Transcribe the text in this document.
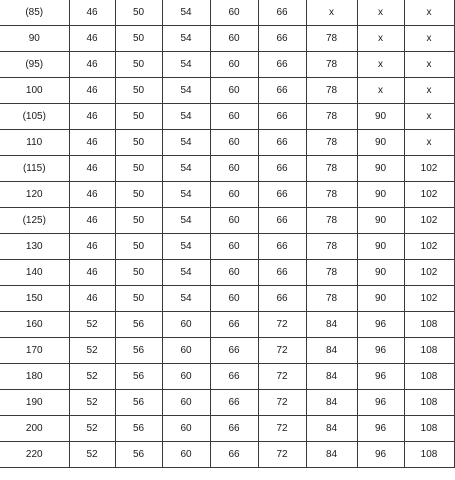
(85)	46	50	54	60	66	x	x	x
90	46	50	54	60	66	78	x	x
(95)	46	50	54	60	66	78	x	x
100	46	50	54	60	66	78	x	x
(105)	46	50	54	60	66	78	90	x
110	46	50	54	60	66	78	90	x
(115)	46	50	54	60	66	78	90	102
120	46	50	54	60	66	78	90	102
(125)	46	50	54	60	66	78	90	102
130	46	50	54	60	66	78	90	102
140	46	50	54	60	66	78	90	102
150	46	50	54	60	66	78	90	102
160	52	56	60	66	72	84	96	108
170	52	56	60	66	72	84	96	108
180	52	56	60	66	72	84	96	108
190	52	56	60	66	72	84	96	108
200	52	56	60	66	72	84	96	108
220	52	56	60	66	72	84	96	108
